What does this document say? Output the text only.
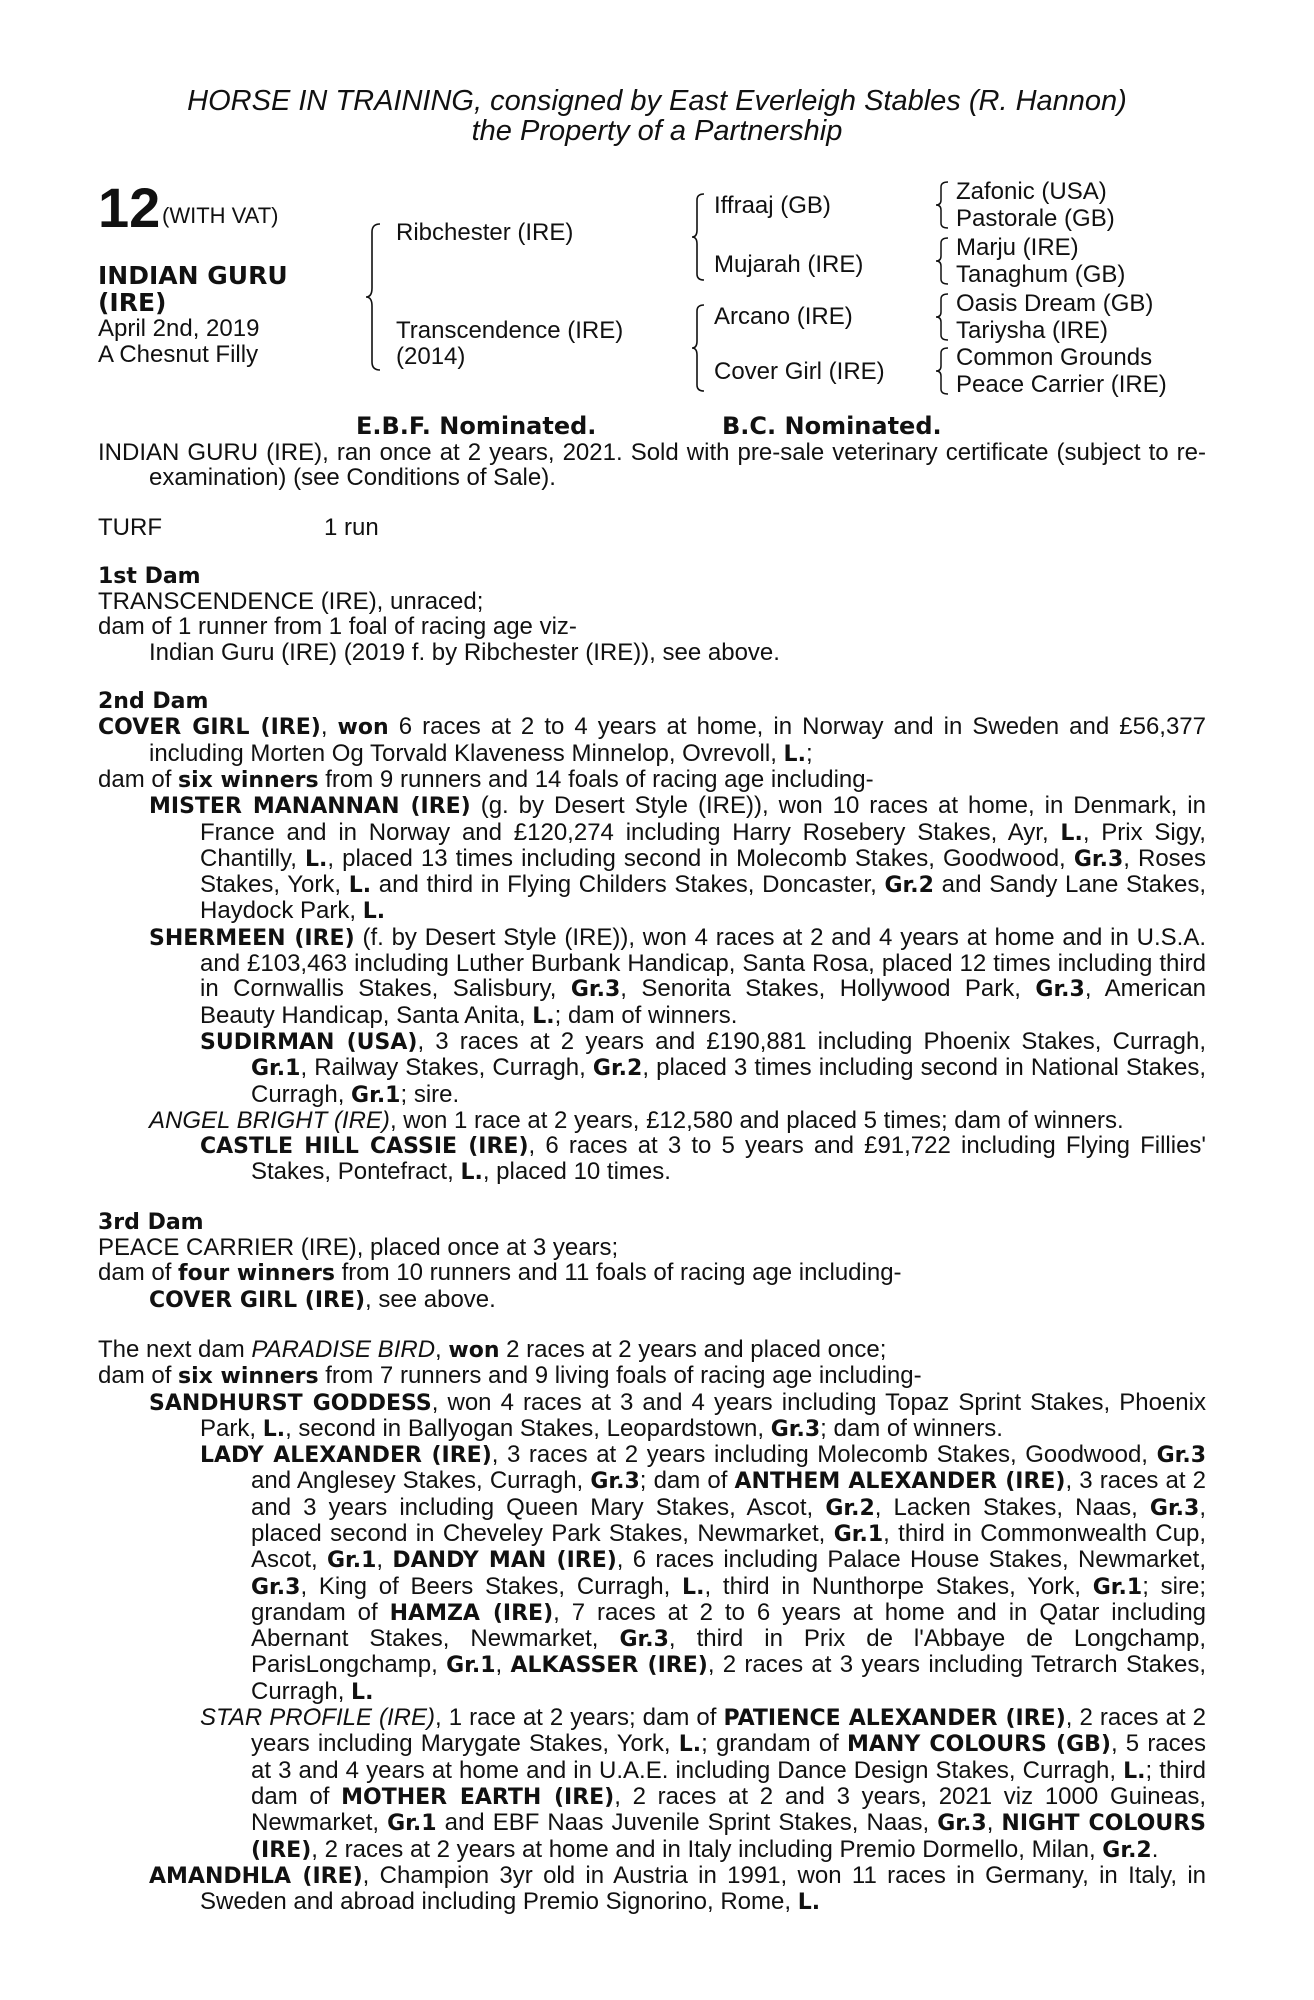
HORSE IN TRAINING, consigned by East Everleigh Stables (R. Hannon)
the Property of a Partnership
12 (WITH VAT)
INDIAN GURU
(IRE)
April 2nd, 2019
A Chesnut Filly
Ribchester (IRE)
Transcendence (IRE)
(2014)
Iffraaj (GB)
Mujarah (IRE)
Arcano (IRE)
Cover Girl (IRE)
Zafonic (USA)
Pastorale (GB)
Marju (IRE)
Tanaghum (GB)
Oasis Dream (GB)
Tariysha (IRE)
Common Grounds
Peace Carrier (IRE)
E.B.F. Nominated.	B.C. Nominated.

INDIAN GURU (IRE), ran once at 2 years, 2021. Sold with pre-sale veterinary certificate (subject to re-examination) (see Conditions of Sale).

TURF	1 run
1st Dam

TRANSCENDENCE (IRE), unraced;

dam of 1 runner from 1 foal of racing age viz-

Indian Guru (IRE) (2019 f. by Ribchester (IRE)), see above.

2nd Dam

COVER GIRL (IRE), won 6 races at 2 to 4 years at home, in Norway and in Sweden and £56,377 including Morten Og Torvald Klaveness Minnelop, Ovrevoll, L.;

dam of six winners from 9 runners and 14 foals of racing age including-

MISTER MANANNAN (IRE) (g. by Desert Style (IRE)), won 10 races at home, in Denmark, in France and in Norway and £120,274 including Harry Rosebery Stakes, Ayr, L., Prix Sigy, Chantilly, L., placed 13 times including second in Molecomb Stakes, Goodwood, Gr.3, Roses Stakes, York, L. and third in Flying Childers Stakes, Doncaster, Gr.2 and Sandy Lane Stakes, Haydock Park, L.

SHERMEEN (IRE) (f. by Desert Style (IRE)), won 4 races at 2 and 4 years at home and in U.S.A. and £103,463 including Luther Burbank Handicap, Santa Rosa, placed 12 times including third in Cornwallis Stakes, Salisbury, Gr.3, Senorita Stakes, Hollywood Park, Gr.3, American Beauty Handicap, Santa Anita, L.; dam of winners.

SUDIRMAN (USA), 3 races at 2 years and £190,881 including Phoenix Stakes, Curragh, Gr.1, Railway Stakes, Curragh, Gr.2, placed 3 times including second in National Stakes, Curragh, Gr.1; sire.

ANGEL BRIGHT (IRE), won 1 race at 2 years, £12,580 and placed 5 times; dam of winners.

CASTLE HILL CASSIE (IRE), 6 races at 3 to 5 years and £91,722 including Flying Fillies' Stakes, Pontefract, L., placed 10 times.

3rd Dam

PEACE CARRIER (IRE), placed once at 3 years;

dam of four winners from 10 runners and 11 foals of racing age including-

COVER GIRL (IRE), see above.

The next dam PARADISE BIRD, won 2 races at 2 years and placed once;

dam of six winners from 7 runners and 9 living foals of racing age including-

SANDHURST GODDESS, won 4 races at 3 and 4 years including Topaz Sprint Stakes, Phoenix Park, L., second in Ballyogan Stakes, Leopardstown, Gr.3; dam of winners.

LADY ALEXANDER (IRE), 3 races at 2 years including Molecomb Stakes, Goodwood, Gr.3 and Anglesey Stakes, Curragh, Gr.3; dam of ANTHEM ALEXANDER (IRE), 3 races at 2 and 3 years including Queen Mary Stakes, Ascot, Gr.2, Lacken Stakes, Naas, Gr.3, placed second in Cheveley Park Stakes, Newmarket, Gr.1, third in Commonwealth Cup, Ascot, Gr.1, DANDY MAN (IRE), 6 races including Palace House Stakes, Newmarket, Gr.3, King of Beers Stakes, Curragh, L., third in Nunthorpe Stakes, York, Gr.1; sire; grandam of HAMZA (IRE), 7 races at 2 to 6 years at home and in Qatar including Abernant Stakes, Newmarket, Gr.3, third in Prix de l'Abbaye de Longchamp, ParisLongchamp, Gr.1, ALKASSER (IRE), 2 races at 3 years including Tetrarch Stakes, Curragh, L.

STAR PROFILE (IRE), 1 race at 2 years; dam of PATIENCE ALEXANDER (IRE), 2 races at 2 years including Marygate Stakes, York, L.; grandam of MANY COLOURS (GB), 5 races at 3 and 4 years at home and in U.A.E. including Dance Design Stakes, Curragh, L.; third dam of MOTHER EARTH (IRE), 2 races at 2 and 3 years, 2021 viz 1000 Guineas, Newmarket, Gr.1 and EBF Naas Juvenile Sprint Stakes, Naas, Gr.3, NIGHT COLOURS (IRE), 2 races at 2 years at home and in Italy including Premio Dormello, Milan, Gr.2.

AMANDHLA (IRE), Champion 3yr old in Austria in 1991, won 11 races in Germany, in Italy, in Sweden and abroad including Premio Signorino, Rome, L.
